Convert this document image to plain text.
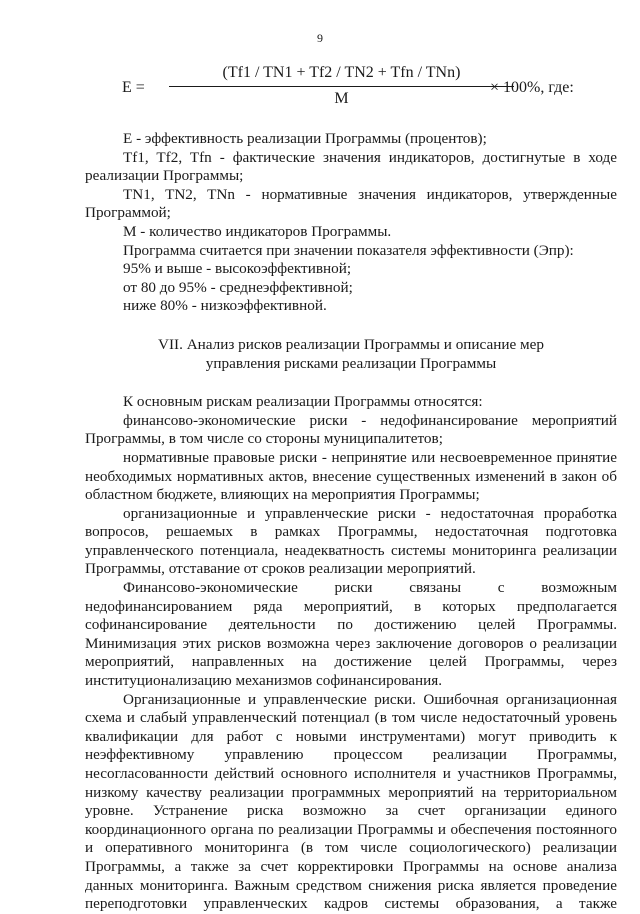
9
E =
(Tf1 / TN1 + Tf2 / TN2 + Tfn / TNn)
M
× 100%, где:

Е - эффективность реализации Программы (процентов);

Tf1, Tf2, Tfn - фактические значения индикаторов, достигнутые в ходе реализации Программы;

TN1, TN2, TNn - нормативные значения индикаторов, утвержденные Программой;

М - количество индикаторов Программы.

Программа считается при значении показателя эффективности (Эпр):

95% и выше - высокоэффективной;

от 80 до 95% - среднеэффективной;

ниже 80% - низкоэффективной.

VII. Анализ рисков реализации Программы и описание мер
управления рисками реализации Программы

К основным рискам реализации Программы относятся:

финансово-экономические риски - недофинансирование мероприятий Программы, в том числе со стороны муниципалитетов;

нормативные правовые риски - непринятие или несвоевременное принятие необходимых нормативных актов, внесение существенных изменений в закон об областном бюджете, влияющих на мероприятия Программы;

организационные и управленческие риски - недостаточная проработка вопросов, решаемых в рамках Программы, недостаточная подготовка управленческого потенциала, неадекватность системы мониторинга реализации Программы, отставание от сроков реализации мероприятий.

Финансово-экономические риски связаны с возможным недофинансированием ряда мероприятий, в которых предполагается софинансирование деятельности по достижению целей Программы. Минимизация этих рисков возможна через заключение договоров о реализации мероприятий, направленных на достижение целей Программы, через институционализацию механизмов софинансирования.

Организационные и управленческие риски. Ошибочная организационная схема и слабый управленческий потенциал (в том числе недостаточный уровень квалификации для работ с новыми инструментами) могут приводить к неэффективному управлению процессом реализации Программы, несогласованности действий основного исполнителя и участников Программы, низкому качеству реализации программных мероприятий на территориальном уровне. Устранение риска возможно за счет организации единого координационного органа по реализации Программы и обеспечения постоянного и оперативного мониторинга (в том числе социологического) реализации Программы, а также за счет корректировки Программы на основе анализа данных мониторинга. Важным средством снижения риска является проведение переподготовки управленческих кадров системы образования, а также
